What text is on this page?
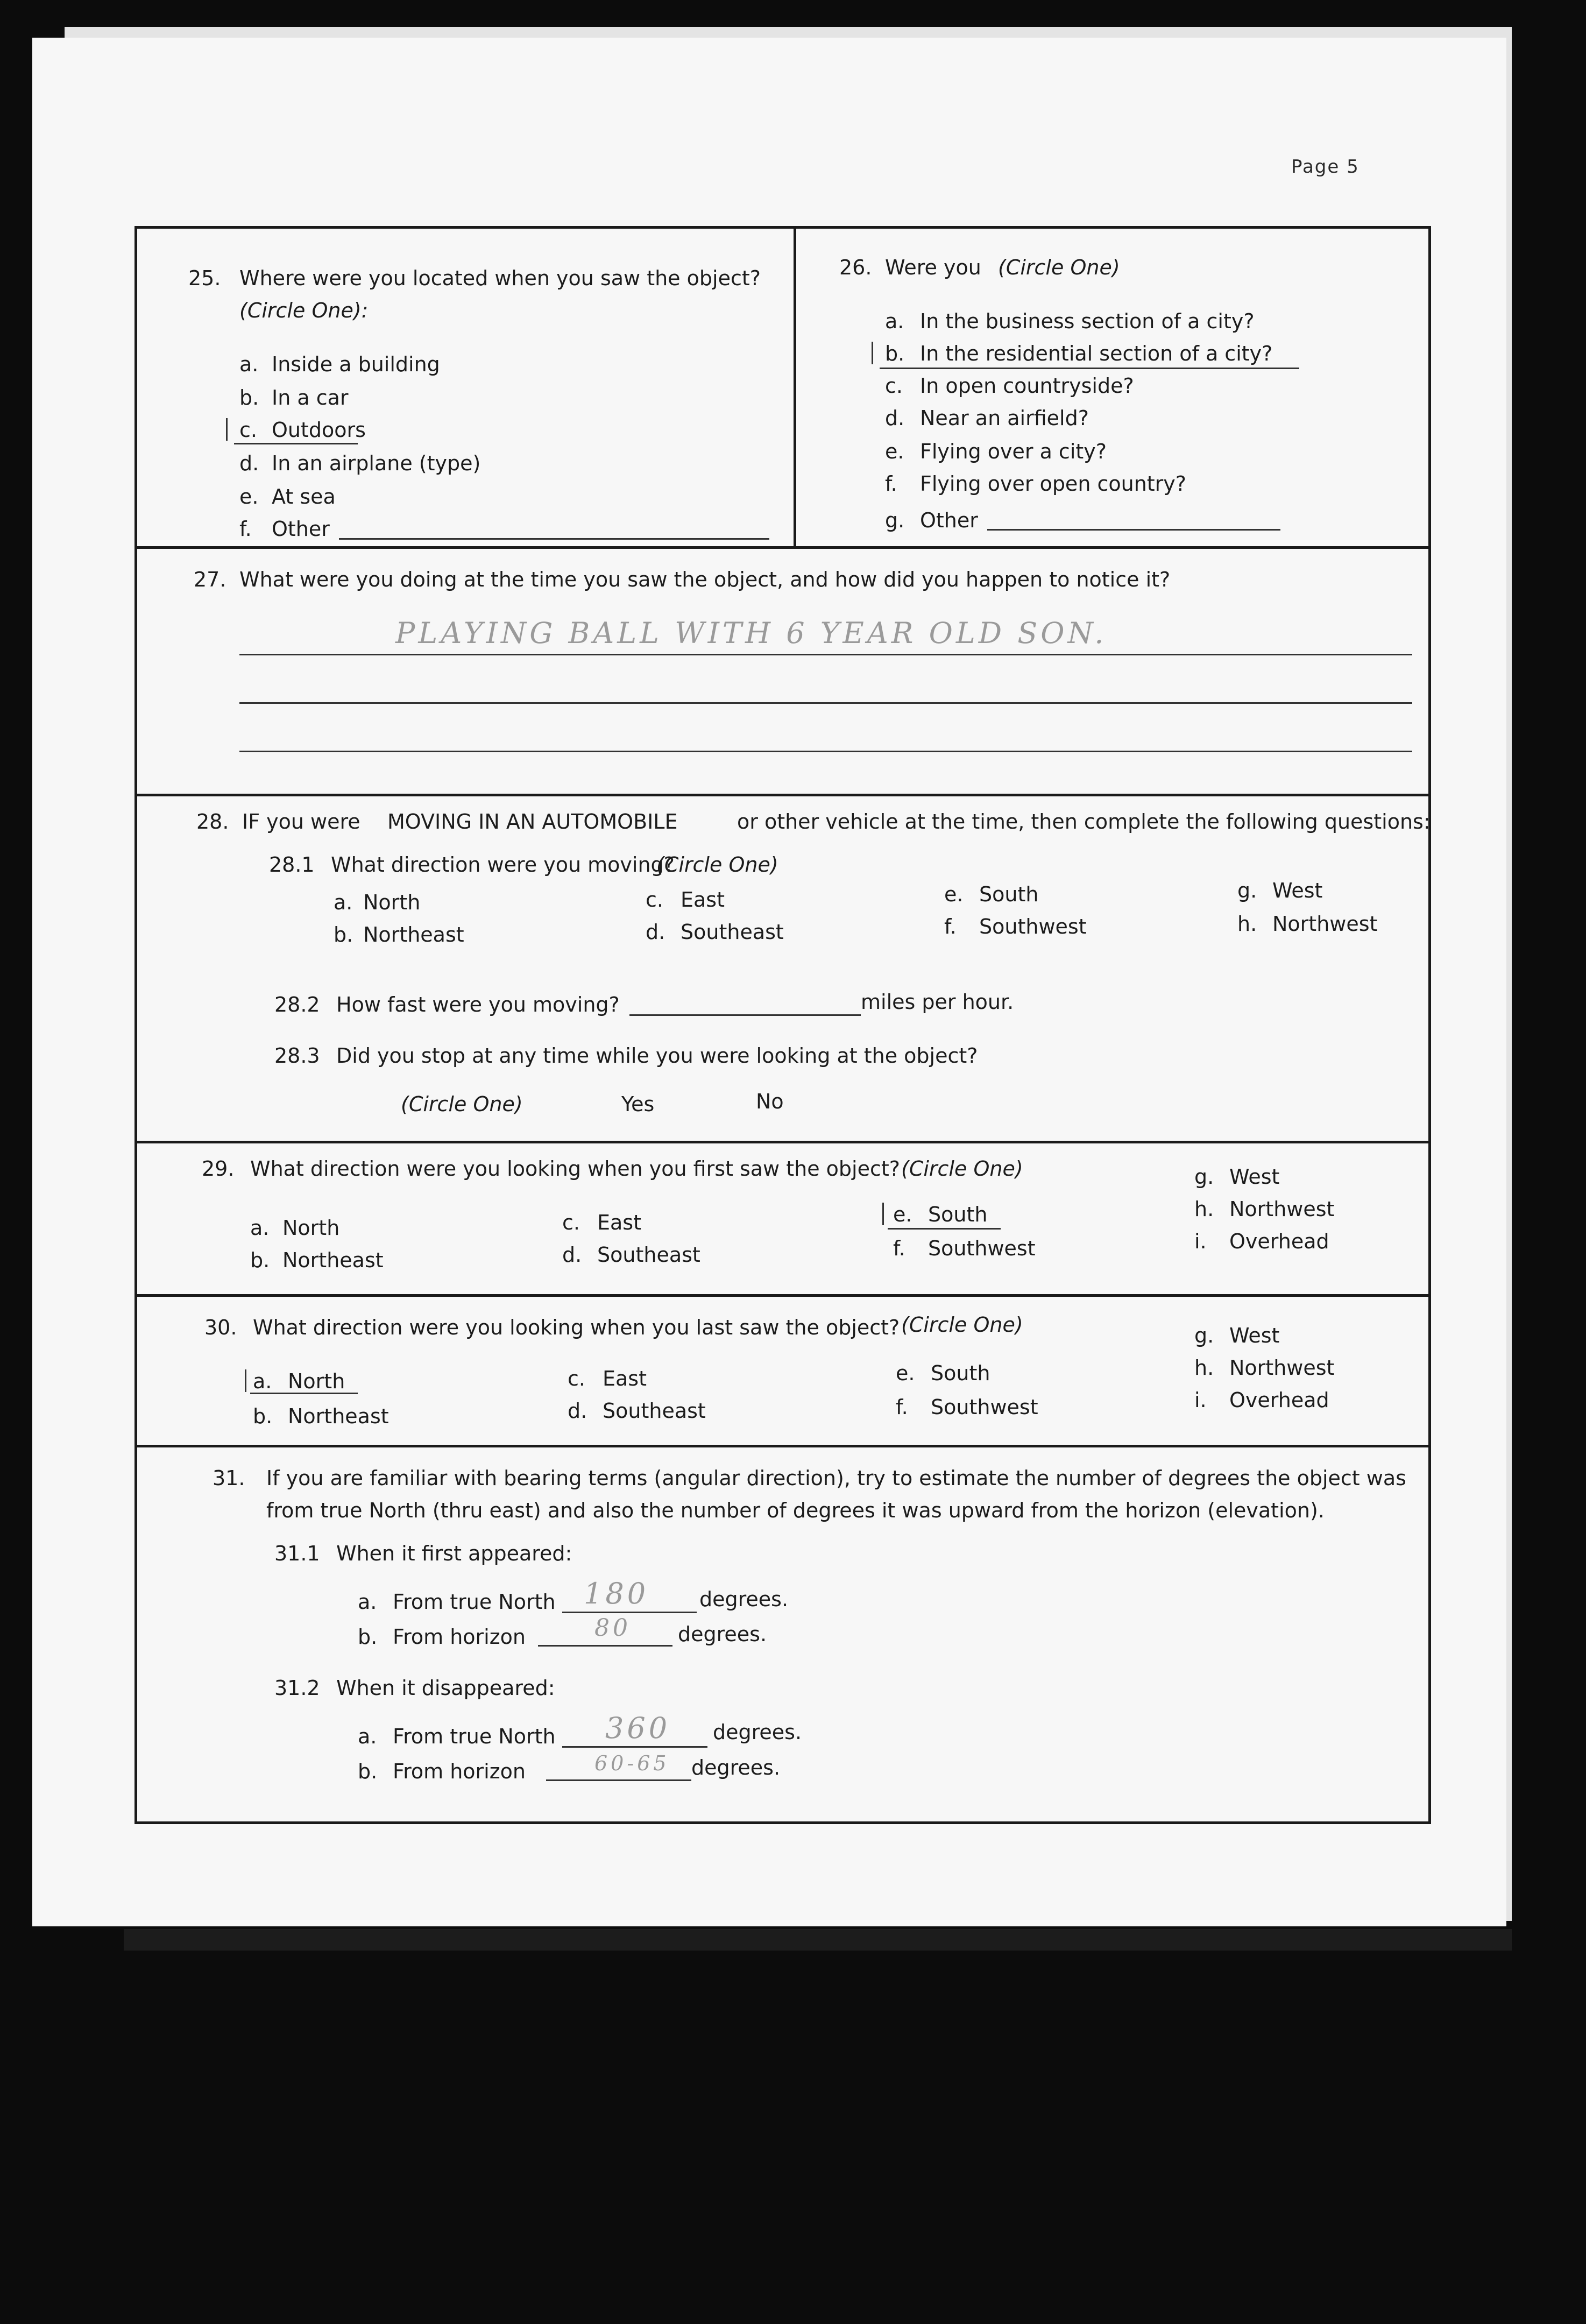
Page 5
25. Where were you located when you saw the object?
(Circle One):
a. Inside a building
b. In a car
c. Outdoors
d. In an airplane (type)
e. At sea
f. Other
26. Were you (Circle One)
a. In the business section of a city?
b. In the residential section of a city?
c. In open countryside?
d. Near an airfield?
e. Flying over a city?
f. Flying over open country?
g. Other
27. What were you doing at the time you saw the object, and how did you happen to notice it?
PLAYING BALL WITH 6 YEAR OLD SON.
28. IF you were MOVING IN AN AUTOMOBILE	or other vehicle at the time, then complete the following questions:
28.1 What direction were you moving?
(Circle One)
a. North
b. Northeast
c. East
d. Southeast
e. South
f. Southwest
g. West
h. Northwest
28.2 How fast were you moving?	miles per hour.
28.3 Did you stop at any time while you were looking at the object?
(Circle One)	Yes	No
29. What direction were you looking when you first saw the object? (Circle One)
a. North
b. Northeast
c. East
d. Southeast
e. South
f. Southwest
g. West
h. Northwest
i. Overhead
30. What direction were you looking when you last saw the object? (Circle One)
a. North
b. Northeast
c. East
d. Southeast
e. South
f. Southwest
g. West
h. Northwest
i. Overhead
31. If you are familiar with bearing terms (angular direction), try to estimate the number of degrees the object was
from true North (thru east) and also the number of degrees it was upward from the horizon (elevation).
31.1 When it first appeared:
a. From true North 180 degrees.
b. From horizon	80 degrees.
31.2 When it disappeared:
a. From true North 360 degrees.
b. From horizon	60-65 degrees.
